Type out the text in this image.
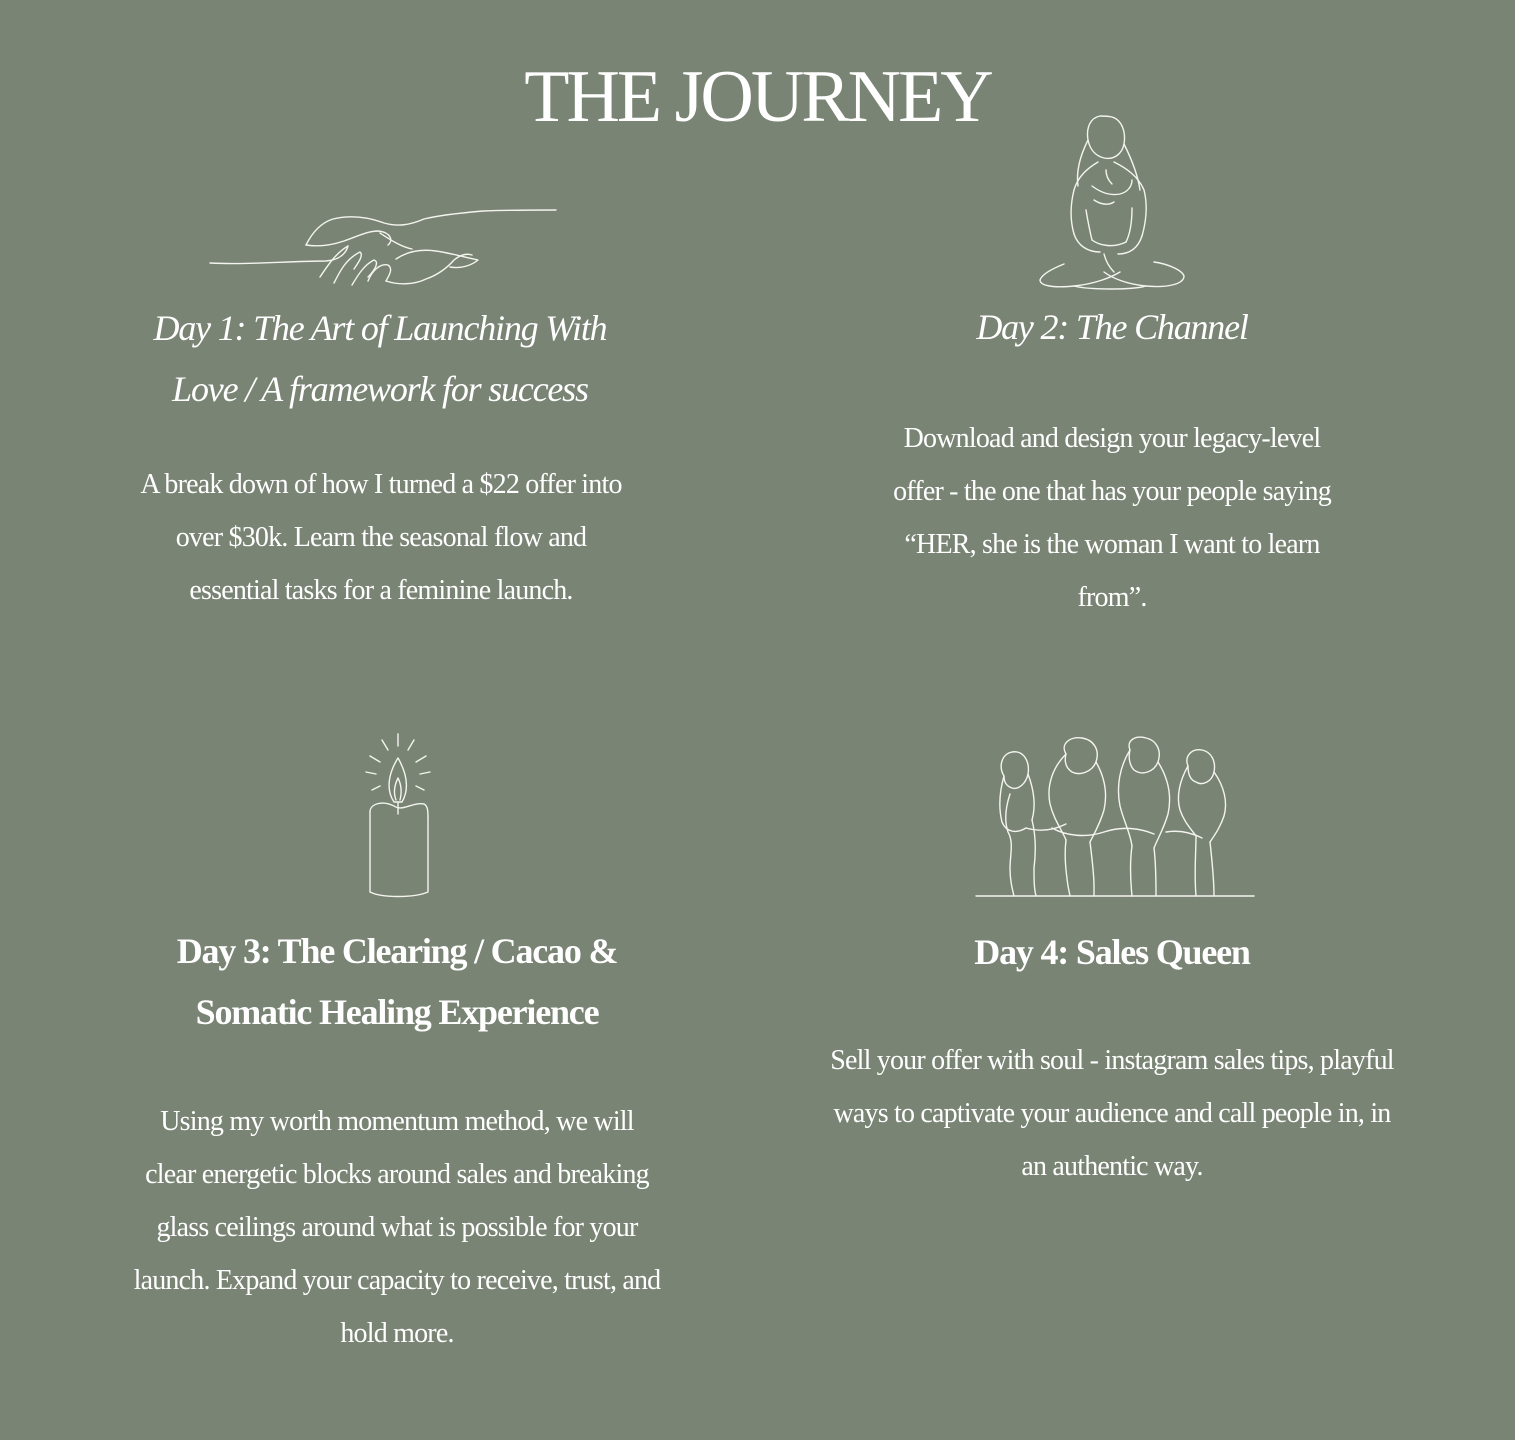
THE JOURNEY
Day 1: The Art of Launching With Love / A framework for success

A break down of how I turned a $22 offer into over $30k. Learn the seasonal flow and essential tasks for a feminine launch.

Day 2: The Channel

Download and design your legacy-level offer - the one that has your people saying “HER, she is the woman I want to learn from”.

Day 3: The Clearing / Cacao & Somatic Healing Experience

Using my worth momentum method, we will clear energetic blocks around sales and breaking glass ceilings around what is possible for your launch. Expand your capacity to receive, trust, and hold more.

Day 4: Sales Queen

Sell your offer with soul - instagram sales tips, playful ways to captivate your audience and call people in, in an authentic way.
